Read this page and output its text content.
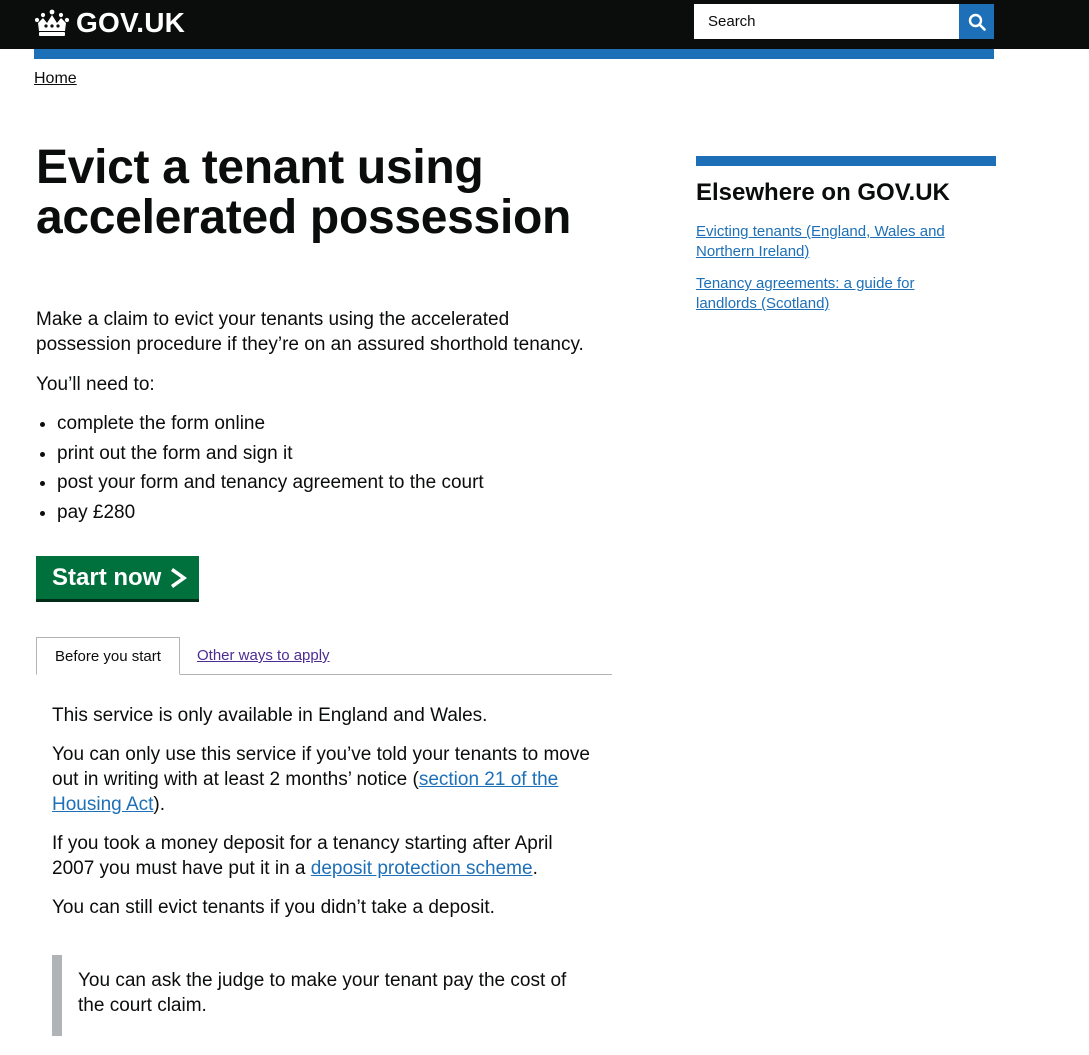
GOV.UK
Search
Home
Evict a tenant using accelerated possession

Make a claim to evict your tenants using the accelerated possession procedure if they’re on an assured shorthold tenancy.

You’ll need to:

• complete the form online
• print out the form and sign it
• post your form and tenancy agreement to the court
• pay £280
Start now
Before you start	Other ways to apply

This service is only available in England and Wales.

You can only use this service if you’ve told your tenants to move out in writing with at least 2 months’ notice (section 21 of the Housing Act).

If you took a money deposit for a tenancy starting after April 2007 you must have put it in a deposit protection scheme.

You can still evict tenants if you didn’t take a deposit.

You can ask the judge to make your tenant pay the cost of the court claim.

Elsewhere on GOV.UK
Evicting tenants (England, Wales and Northern Ireland)
Tenancy agreements: a guide for landlords (Scotland)
